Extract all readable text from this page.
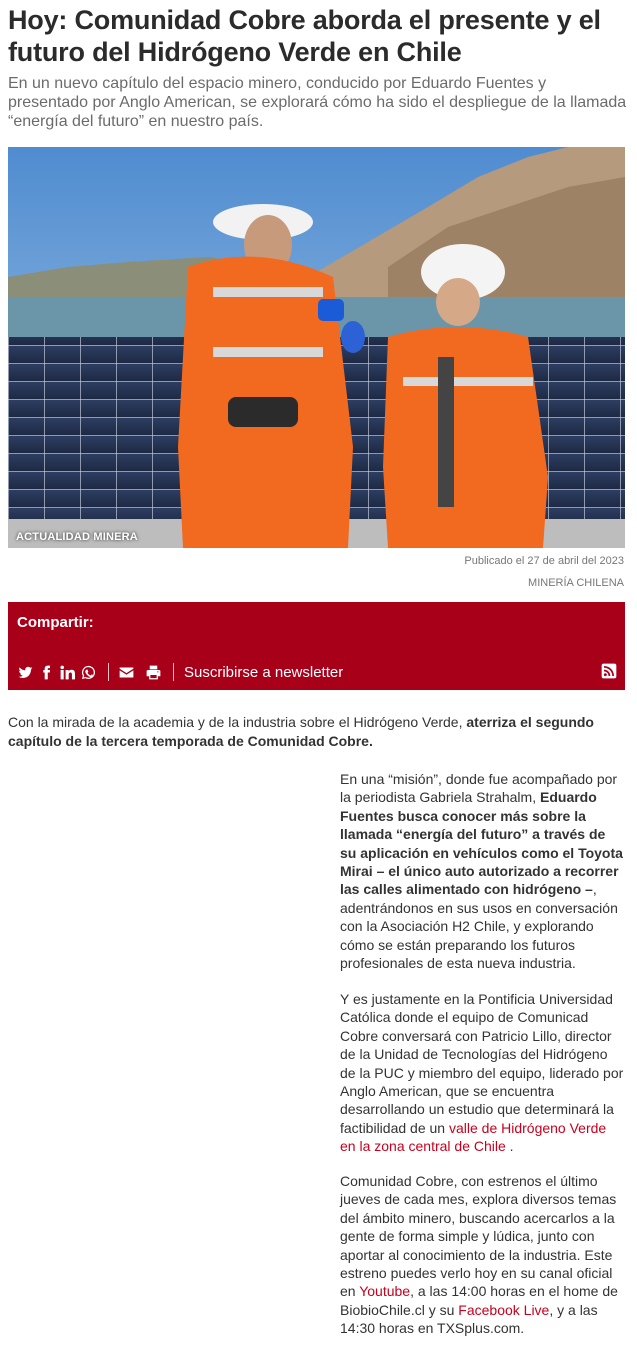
Hoy: Comunidad Cobre aborda el presente y el futuro del Hidrógeno Verde en Chile

En un nuevo capítulo del espacio minero, conducido por Eduardo Fuentes y presentado por Anglo American, se explorará cómo ha sido el despliegue de la llamada “energía del futuro” en nuestro país.

ACTUALIDAD MINERA
Publicado el 27 de abril del 2023
MINERÍA CHILENA
Compartir:
Suscribirse a newsletter

Con la mirada de la academia y de la industria sobre el Hidrógeno Verde, aterriza el segundo capítulo de la tercera temporada de Comunidad Cobre.

En una “misión”, donde fue acompañado por la periodista Gabriela Strahalm, Eduardo Fuentes busca conocer más sobre la llamada “energía del futuro” a través de su aplicación en vehículos como el Toyota Mirai – el único auto autorizado a recorrer las calles alimentado con hidrógeno –, adentrándonos en sus usos en conversación con la Asociación H2 Chile, y explorando cómo se están preparando los futuros profesionales de esta nueva industria.

Y es justamente en la Pontificia Universidad Católica donde el equipo de Comunicad Cobre conversará con Patricio Lillo, director de la Unidad de Tecnologías del Hidrógeno de la PUC y miembro del equipo, liderado por Anglo American, que se encuentra desarrollando un estudio que determinará la factibilidad de un valle de Hidrógeno Verde en la zona central de Chile .

Comunidad Cobre, con estrenos el último jueves de cada mes, explora diversos temas del ámbito minero, buscando acercarlos a la gente de forma simple y lúdica, junto con aportar al conocimiento de la industria. Este estreno puedes verlo hoy en su canal oficial en Youtube, a las 14:00 horas en el home de BiobioChile.cl y su Facebook Live, y a las 14:30 horas en TXSplus.com.
